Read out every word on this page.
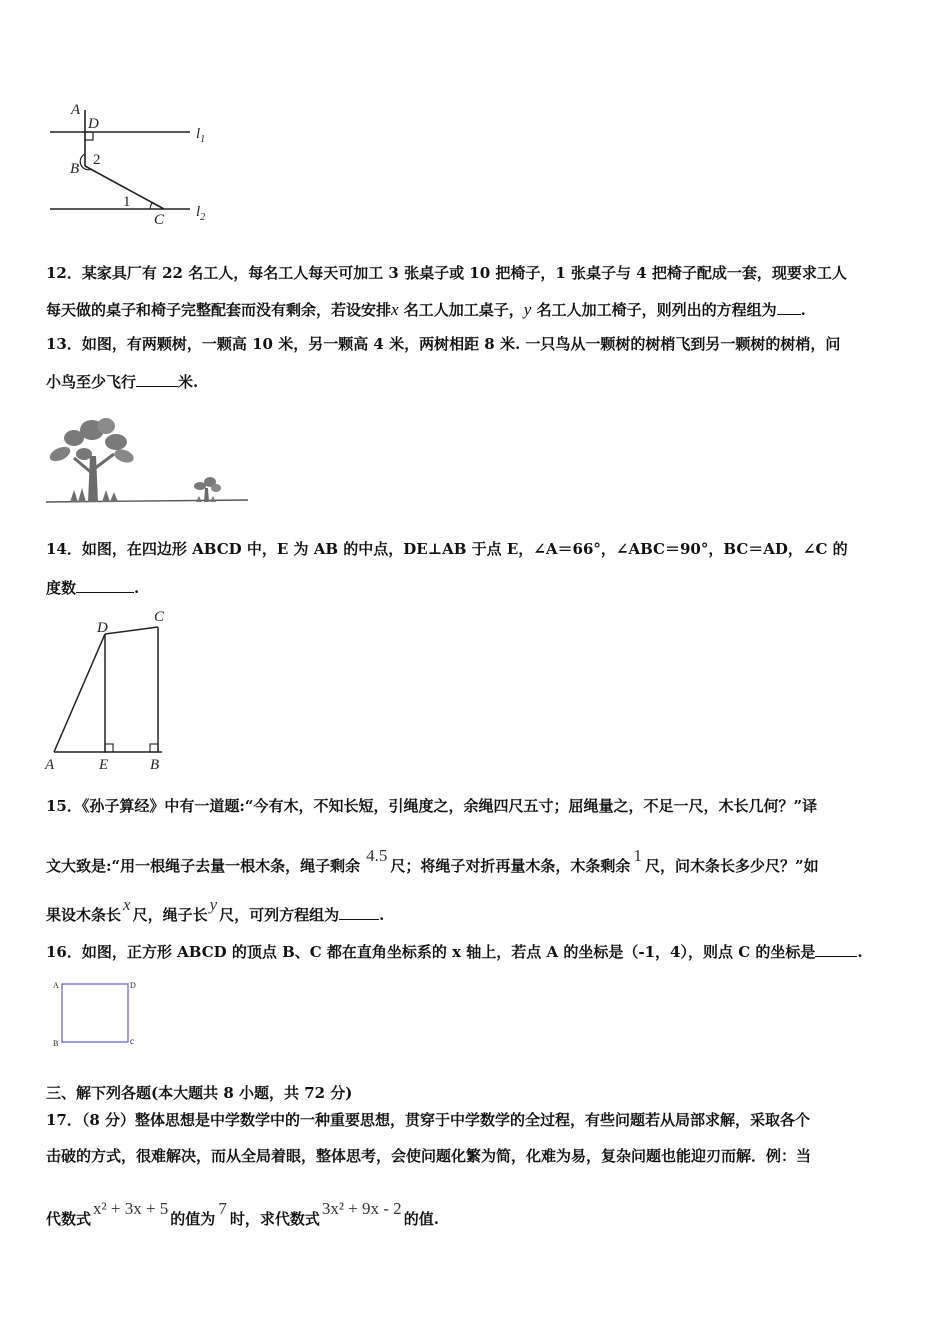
A
D
B
2
1
C
$l_1$
$l_2$
12．某家具厂有 22 名工人，每名工人每天可加工 3 张桌子或 10 把椅子，1 张桌子与 4 把椅子配成一套，现要求工人
每天做的桌子和椅子完整配套而没有剩余，若设安排x 名工人加工桌子，y 名工人加工椅子，则列出的方程组为 .
13．如图，有两颗树，一颗高 10 米，另一颗高 4 米，两树相距 8 米. 一只鸟从一颗树的树梢飞到另一颗树的树梢，问
小鸟至少飞行	米.
14．如图，在四边形 ABCD 中，E 为 AB 的中点，DE⊥AB 于点 E，∠A＝66°，∠ABC＝90°，BC＝AD，∠C 的
度数	.
A	E	B
D
C
15．《孙子算经》中有一道题:“今有木，不知长短，引绳度之，余绳四尺五寸；屈绳量之，不足一尺，木长几何？”译
文大致是:“用一根绳子去量一根木条，绳子剩余4.5尺；将绳子对折再量木条，木条剩余1尺，问木条长多少尺？”如
果设木条长x尺，绳子长y尺，可列方程组为	.
16．如图，正方形 ABCD 的顶点 B、C 都在直角坐标系的 x 轴上，若点 A 的坐标是（-1，4），则点 C 的坐标是	.
A	D
B	c
三、解下列各题(本大题共 8 小题，共 72 分)
17．（8 分）整体思想是中学数学中的一种重要思想，贯穿于中学数学的全过程，有些问题若从局部求解，采取各个
击破的方式，很难解决，而从全局着眼，整体思考，会使问题化繁为简，化难为易，复杂问题也能迎刃而解．例：当
代数式x² + 3x + 5的值为7时，求代数式3x² + 9x - 2的值.
